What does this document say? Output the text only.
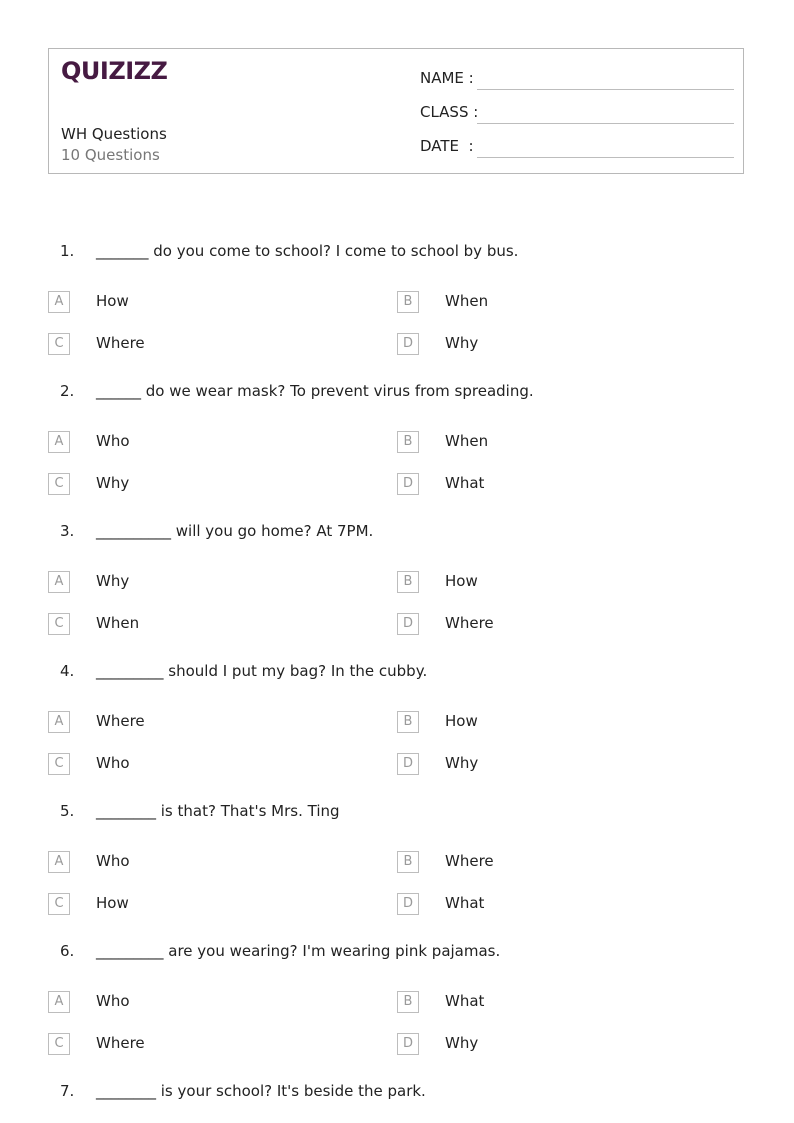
QUIZIZZ
WH Questions
10 Questions
NAME :
CLASS :
DATE  :
1. _______ do you come to school? I come to school by bus.
A	How	B	When
C	Where	D	Why
2. ______ do we wear mask? To prevent virus from spreading.
A	Who	B	When
C	Why	D	What
3. __________ will you go home? At 7PM.
A	Why	B	How
C	When	D	Where
4. _________ should I put my bag? In the cubby.
A	Where	B	How
C	Who	D	Why
5. ________ is that? That's Mrs. Ting
A	Who	B	Where
C	How	D	What
6. _________ are you wearing? I'm wearing pink pajamas.
A	Who	B	What
C	Where	D	Why
7. ________ is your school? It's beside the park.
